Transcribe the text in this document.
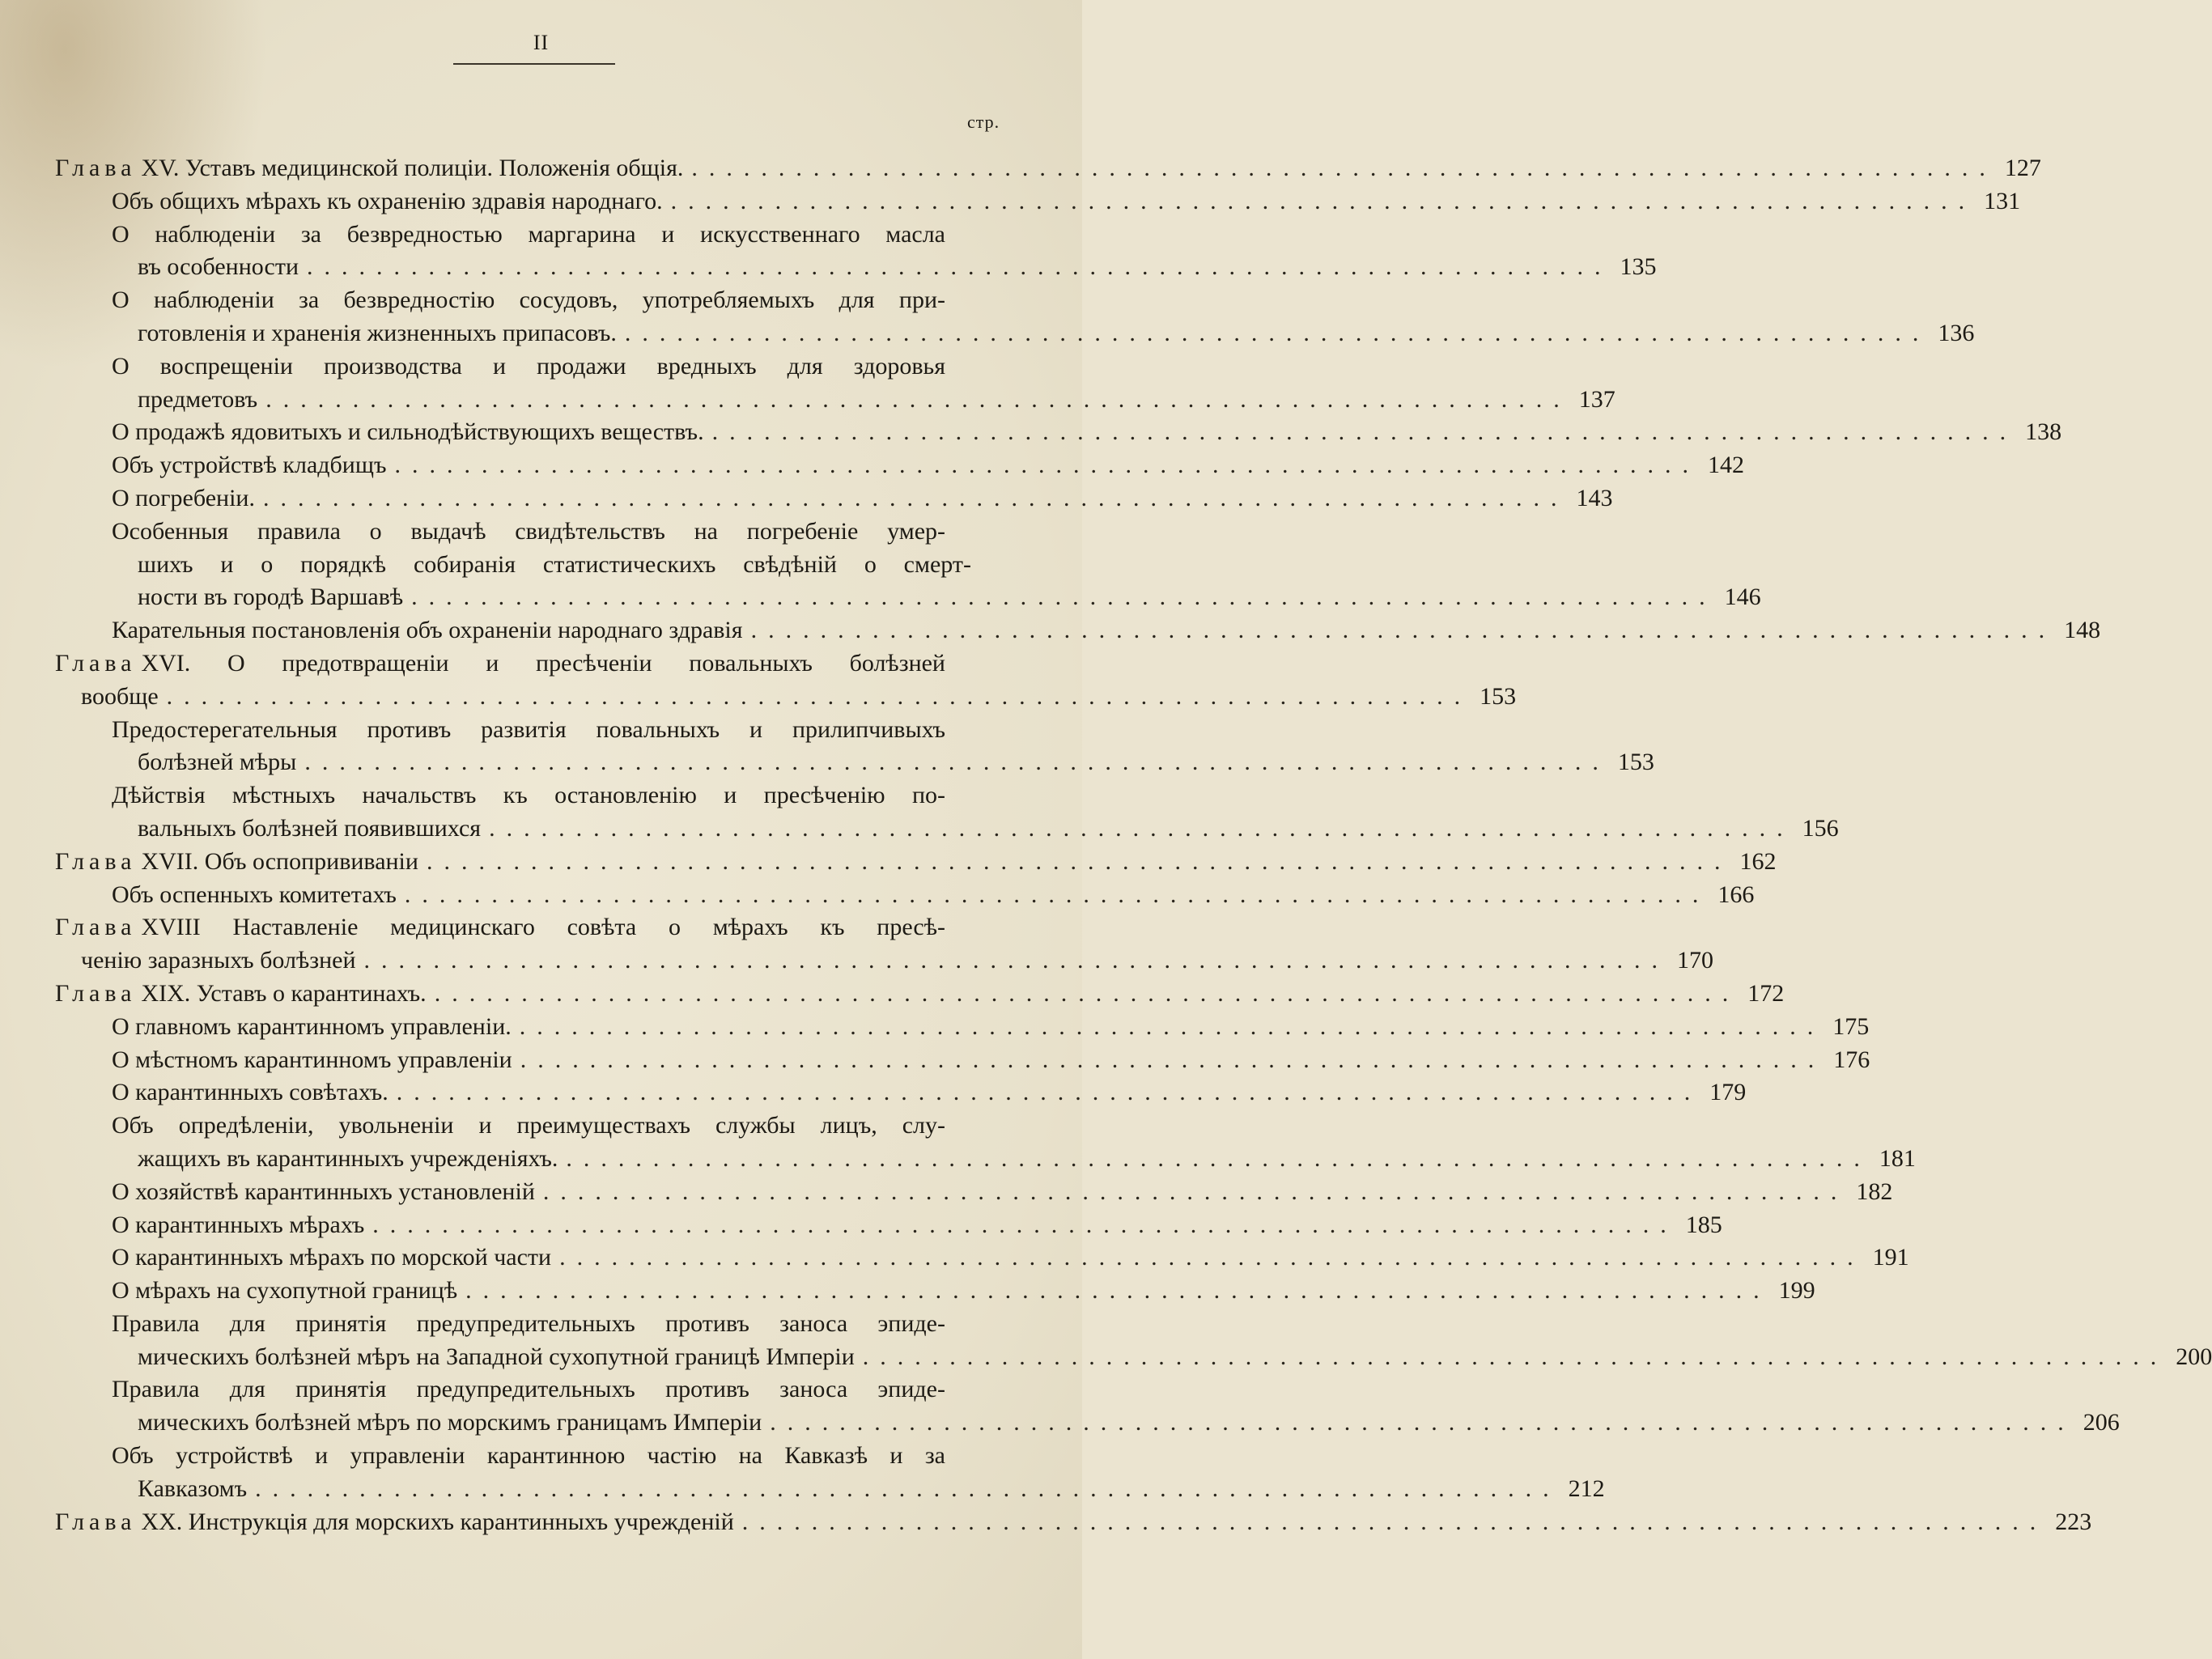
II
стр.
Глава XV. Уставъ медицинской полиціи. Положенія общія. ........................................................................... 127
Объ общихъ мѣрахъ къ охраненію здравія народнаго. ........................................................................... 131
О наблюденіи за безвредностью маргарина и искусственнаго масла
въ особенности ........................................................................... 135
О наблюденіи за безвредностію сосудовъ, употребляемыхъ для при-
готовленія и храненія жизненныхъ припасовъ. ........................................................................... 136
О воспрещеніи производства и продажи вредныхъ для здоровья
предметовъ ........................................................................... 137
О продажѣ ядовитыхъ и сильнодѣйствующихъ веществъ. ........................................................................... 138
Объ устройствѣ кладбищъ ........................................................................... 142
О погребеніи. ........................................................................... 143
Особенныя правила о выдачѣ свидѣтельствъ на погребеніе умер-
шихъ и о порядкѣ собиранія статистическихъ свѣдѣній о смерт-
ности въ городѣ Варшавѣ ........................................................................... 146
Карательныя постановленія объ охраненіи народнаго здравія ........................................................................... 148
Глава XVI. О предотвращеніи и пресѣченіи повальныхъ болѣзней
вообще ........................................................................... 153
Предостерегательныя противъ развитія повальныхъ и прилипчивыхъ
болѣзней мѣры ........................................................................... 153
Дѣйствія мѣстныхъ начальствъ къ остановленію и пресѣченію по-
вальныхъ болѣзней появившихся ........................................................................... 156
Глава XVII. Объ оспопрививаніи ........................................................................... 162
Объ оспенныхъ комитетахъ ........................................................................... 166
Глава XVIII Наставленіе медицинскаго совѣта о мѣрахъ къ пресѣ-
ченію заразныхъ болѣзней ........................................................................... 170
Глава XIX. Уставъ о карантинахъ. ........................................................................... 172
О главномъ карантинномъ управленіи. ........................................................................... 175
О мѣстномъ карантинномъ управленіи ........................................................................... 176
О карантинныхъ совѣтахъ. ........................................................................... 179
Объ опредѣленіи, увольненіи и преимуществахъ службы лицъ, слу-
жащихъ въ карантинныхъ учрежденіяхъ. ........................................................................... 181
О хозяйствѣ карантинныхъ установленій ........................................................................... 182
О карантинныхъ мѣрахъ ........................................................................... 185
О карантинныхъ мѣрахъ по морской части ........................................................................... 191
О мѣрахъ на сухопутной границѣ ........................................................................... 199
Правила для принятія предупредительныхъ противъ заноса эпиде-
мическихъ болѣзней мѣръ на Западной сухопутной границѣ Имперіи ........................................................................... 200
Правила для принятія предупредительныхъ противъ заноса эпиде-
мическихъ болѣзней мѣръ по морскимъ границамъ Имперіи ........................................................................... 206
Объ устройствѣ и управленіи карантинною частію на Кавказѣ и за
Кавказомъ ........................................................................... 212
Глава XX. Инструкція для морскихъ карантинныхъ учрежденій ........................................................................... 223
